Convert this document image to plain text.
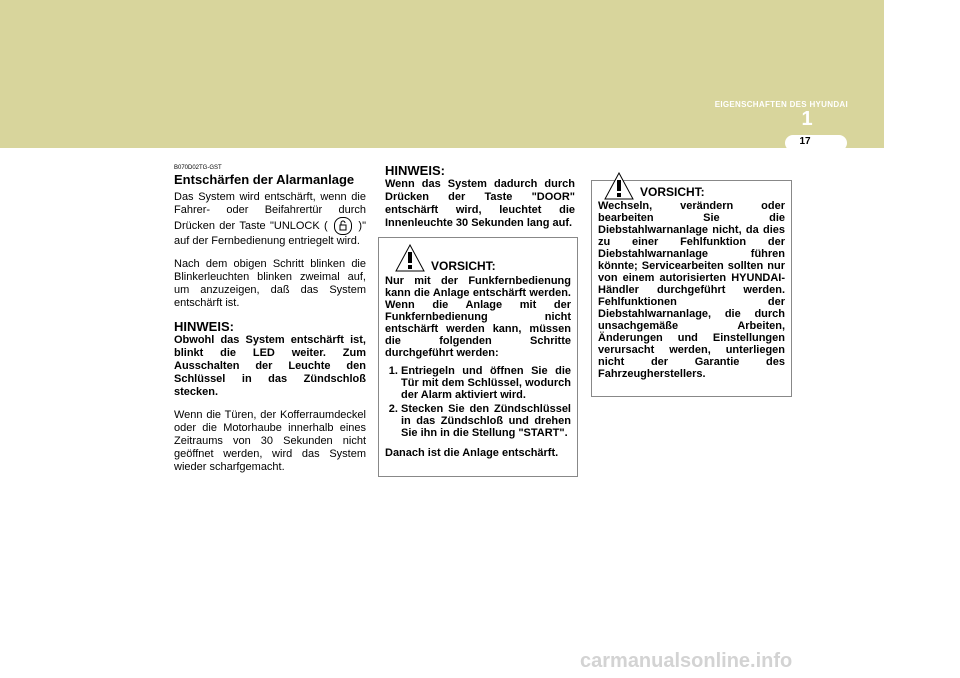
EIGENSCHAFTEN DES HYUNDAI
1
17
B070D02TG-GST
Entschärfen der Alarmanlage

Das System wird entschärft, wenn die Fahrer- oder Beifahrertür durch Drücken der Taste "UNLOCK (	)" auf der Fernbedienung entriegelt wird.

Nach dem obigen Schritt blinken die Blinkerleuchten blinken zweimal auf, um anzuzeigen, daß das System entschärft ist.

HINWEIS:

Obwohl das System entschärft ist, blinkt die LED weiter. Zum Ausschalten der Leuchte den Schlüssel in das Zündschloß stecken.

Wenn die Türen, der Kofferraumdeckel oder die Motorhaube innerhalb eines Zeitraums von 30 Sekunden nicht geöffnet werden, wird das System wieder scharfgemacht.

HINWEIS:

Wenn das System dadurch durch Drücken der Taste "DOOR" entschärft wird, leuchtet die Innenleuchte 30 Sekunden lang auf.

VORSICHT:
Nur mit der Funkfernbedienung kann die Anlage entschärft werden. Wenn die Anlage mit der Funkfernbedienung nicht entschärft werden kann, müssen die folgenden Schritte durchgeführt werden:
1. Entriegeln und öffnen Sie die Tür mit dem Schlüssel, wodurch der Alarm aktiviert wird.
2. Stecken Sie den Zündschlüssel in das Zündschloß und drehen Sie ihn in die Stellung "START".
Danach ist die Anlage entschärft.
VORSICHT:
Wechseln, verändern oder bearbeiten Sie die Diebstahlwarnanlage nicht, da dies zu einer Fehlfunktion der Diebstahlwarnanlage führen könnte; Servicearbeiten sollten nur von einem autorisierten HYUNDAI-Händler durchgeführt werden. Fehlfunktionen der Diebstahlwarnanlage, die durch unsachgemäße Arbeiten, Änderungen und Einstellungen verursacht werden, unterliegen nicht der Garantie des Fahrzeugherstellers.
carmanualsonline.info
